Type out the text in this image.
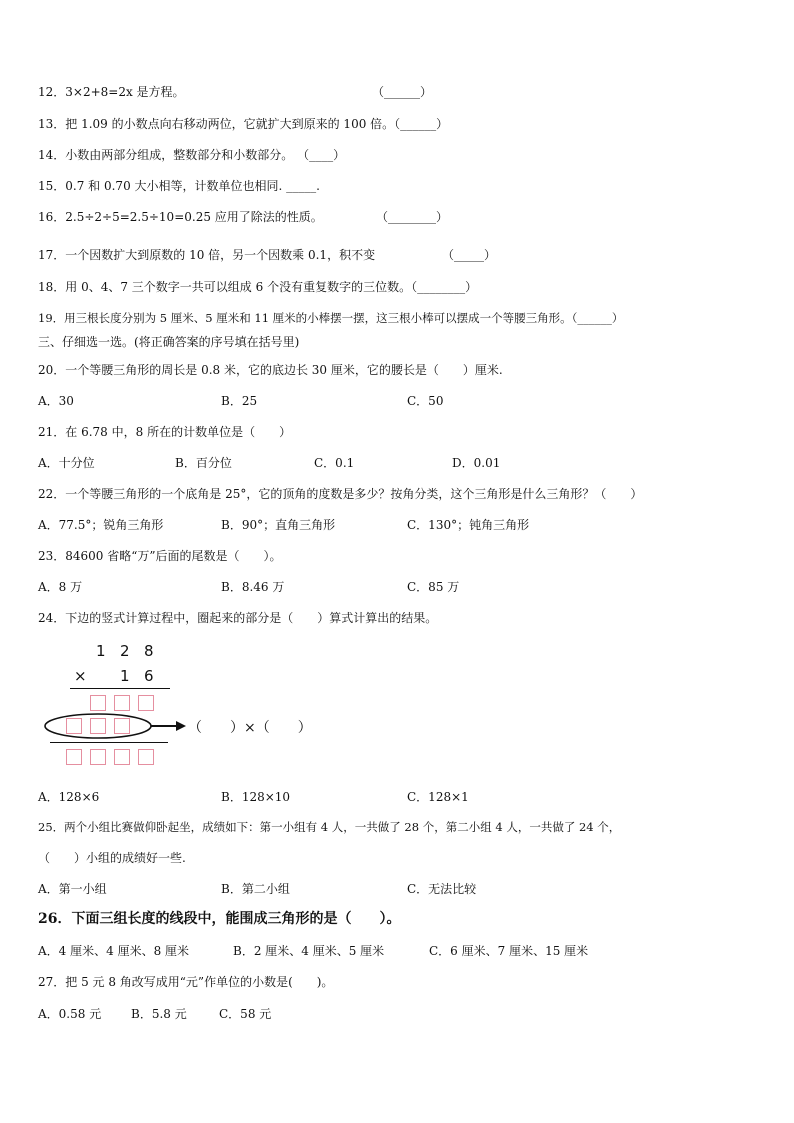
12．3×2+8=2x 是方程。	（______）
13．把 1.09 的小数点向右移动两位，它就扩大到原来的 100 倍。（______）
14．小数由两部分组成，整数部分和小数部分。 （____）
15．0.7 和 0.70 大小相等，计数单位也相同. _____.
16．2.5÷2÷5=2.5÷10=0.25 应用了除法的性质。	（________）
17．一个因数扩大到原数的 10 倍，另一个因数乘 0.1，积不变	（_____）
18．用 0、4、7 三个数字一共可以组成 6 个没有重复数字的三位数。（________）
19．用三根长度分别为 5 厘米、5 厘米和 11 厘米的小棒摆一摆，这三根小棒可以摆成一个等腰三角形。（______）
三、仔细选一选。(将正确答案的序号填在括号里)
20．一个等腰三角形的周长是 0.8 米，它的底边长 30 厘米，它的腰长是（　　）厘米.
A．30	B．25	C．50
21．在 6.78 中，8 所在的计数单位是（　　）
A．十分位	B．百分位	C．0.1	D．0.01
22．一个等腰三角形的一个底角是 25°，它的顶角的度数是多少？按角分类，这个三角形是什么三角形？（　　）
A．77.5°；锐角三角形	B．90°；直角三角形	C．130°；钝角三角形
23．84600 省略“万”后面的尾数是（　　）。
A．8 万	B．8.46 万	C．85 万
24．下边的竖式计算过程中，圈起来的部分是（　　）算式计算出的结果。
1 2 8
× 1 6
（　　）×（　　）
A．128×6	B．128×10	C．128×1
25．两个小组比赛做仰卧起坐，成绩如下：第一小组有 4 人，一共做了 28 个，第二小组 4 人，一共做了 24 个，
（　　）小组的成绩好一些.
A．第一小组	B．第二小组	C．无法比较
26．下面三组长度的线段中，能围成三角形的是（　　）。
A．4 厘米、4 厘米、8 厘米	B．2 厘米、4 厘米、5 厘米	C．6 厘米、7 厘米、15 厘米
27．把 5 元 8 角改写成用“元”作单位的小数是(　　)。
A．0.58 元 B．5.8 元	C．58 元
